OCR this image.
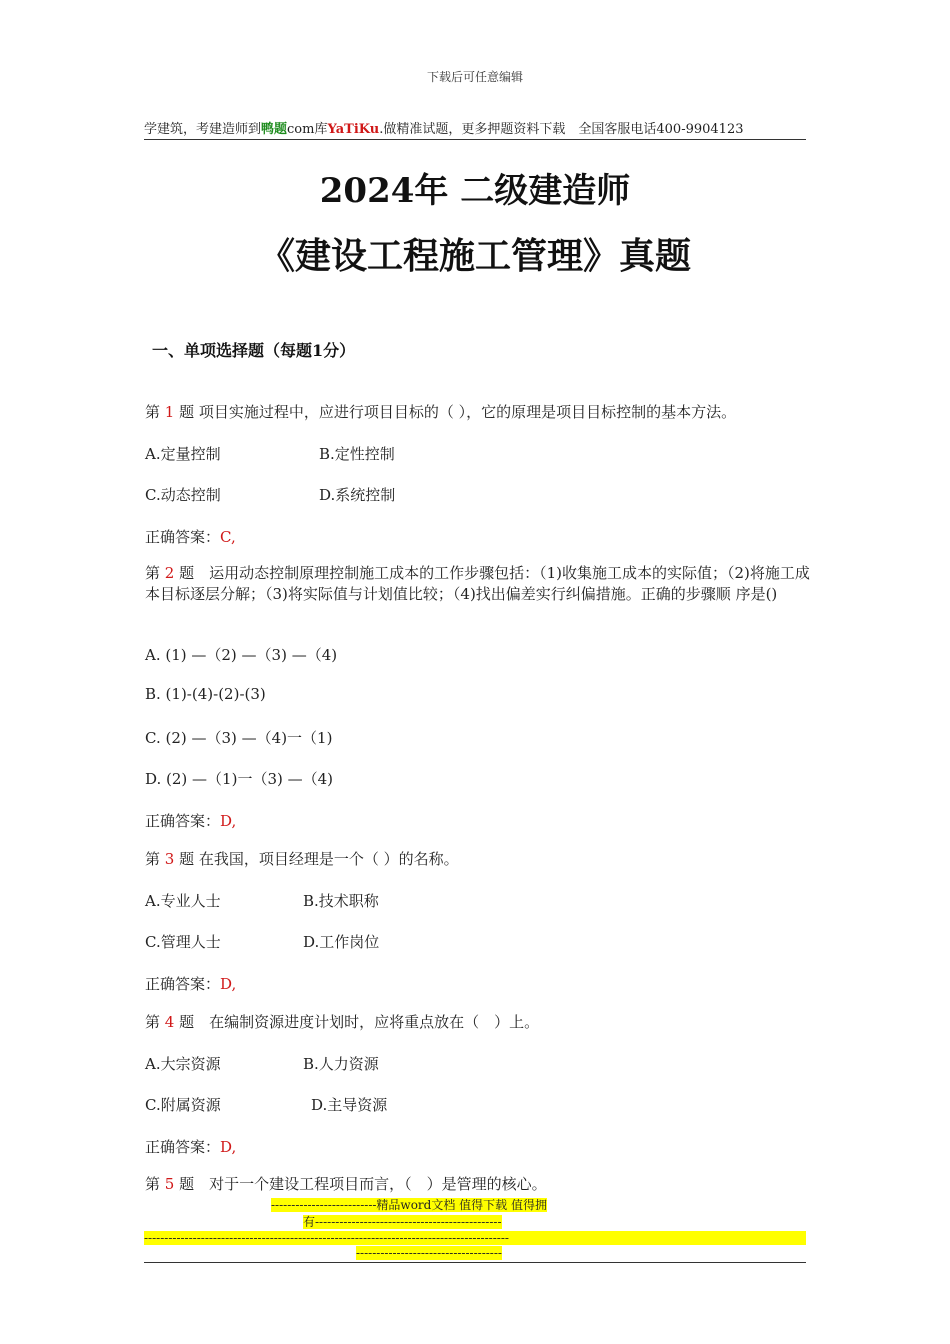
下载后可任意编辑
学建筑，考建造师到鸭题com库YaTiKu.做精准试题，更多押题资料下载　全国客服电话400-9904123
2024年 二级建造师
《建设工程施工管理》真题
一、单项选择题（每题1分）
第 1 题 项目实施过程中，应进行项目目标的（ ），它的原理是项目目标控制的基本方法。
A.定量控制	B.定性控制
C.动态控制	D.系统控制
正确答案：C,
第 2 题　运用动态控制原理控制施工成本的工作步骤包括：（1)收集施工成本的实际值；（2)将施工成 本目标逐层分解；（3)将实际值与计划值比较；（4)找出偏差实行纠偏措施。正确的步骤顺 序是()
A. (1) —（2) —（3) —（4)
B. (1)-(4)-(2)-(3)
C. (2) —（3) —（4)一（1)
D. (2) —（1)一（3) —（4)
正确答案：D,
第 3 题 在我国，项目经理是一个（ ）的名称。
A.专业人士	B.技术职称
C.管理人士	D.工作岗位
正确答案：D,
第 4 题　在编制资源进度计划时，应将重点放在（　）上。
A.大宗资源	B.人力资源
C.附属资源	D.主导资源
正确答案：D,
第 5 题　对于一个建设工程项目而言，（　）是管理的核心。
--------------------------精品word文档 值得下载 值得拥
有----------------------------------------------
------------------------------------------------------------------------------------------
------------------------------------
